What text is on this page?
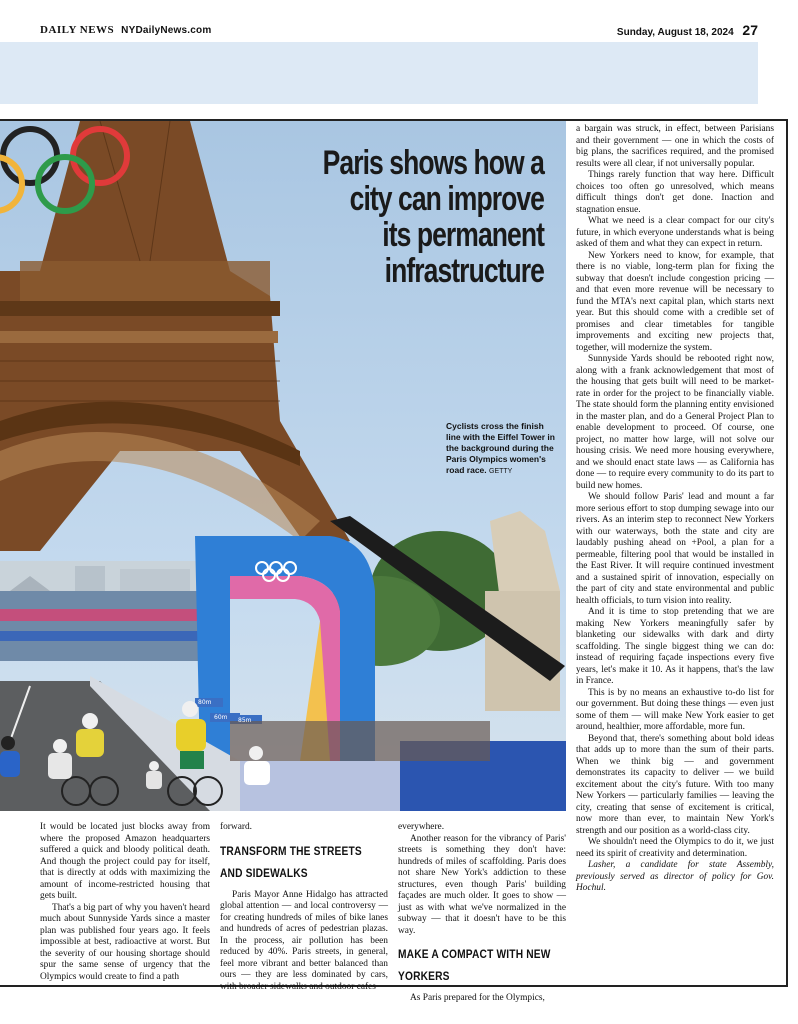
DAILY NEWS NYDailyNews.com	Sunday, August 18, 2024 27
80m
60m 85m
Paris shows how a
city can improve
its permanent
infrastructure
Cyclists cross the finish line with the Eiffel Tower in the background during the Paris Olympics women's road race. GETTY

It would be located just blocks away from where the proposed Amazon headquarters suffered a quick and bloody political death. And though the project could pay for itself, that is directly at odds with maximizing the amount of income-restricted housing that gets built.

That's a big part of why you haven't heard much about Sunnyside Yards since a master plan was published four years ago. It feels impossible at best, radioactive at worst. But the severity of our housing shortage should spur the same sense of urgency that the Olympics would create to find a path

forward.

TRANSFORM THE STREETS AND SIDEWALKS

Paris Mayor Anne Hidalgo has attracted global attention — and local controversy — for creating hundreds of miles of bike lanes and hundreds of acres of pedestrian plazas. In the process, air pollution has been reduced by 40%. Paris streets, in general, feel more vibrant and better balanced than ours — they are less dominated by cars, with broader sidewalks and outdoor cafes

everywhere.

Another reason for the vibrancy of Paris' streets is something they don't have: hundreds of miles of scaffolding. Paris does not share New York's addiction to these structures, even though Paris' building façades are much older. It goes to show — just as with what we've normalized in the subway — that it doesn't have to be this way.

MAKE A COMPACT WITH NEW YORKERS

As Paris prepared for the Olympics,

a bargain was struck, in effect, between Parisians and their government — one in which the costs of big plans, the sacrifices required, and the promised results were all clear, if not universally popular.

Things rarely function that way here. Difficult choices too often go unresolved, which means difficult things don't get done. Inaction and stagnation ensue.

What we need is a clear compact for our city's future, in which everyone understands what is being asked of them and what they can expect in return.

New Yorkers need to know, for example, that there is no viable, long-term plan for fixing the subway that doesn't include congestion pricing — and that even more revenue will be necessary to fund the MTA's next capital plan, which starts next year. But this should come with a credible set of promises and clear timetables for tangible improvements and exciting new projects that, together, will modernize the system.

Sunnyside Yards should be rebooted right now, along with a frank acknowledgement that most of the housing that gets built will need to be market-rate in order for the project to be financially viable. The state should form the planning entity envisioned in the master plan, and do a General Project Plan to enable development to proceed. Of course, one project, no matter how large, will not solve our housing crisis. We need more housing everywhere, and we should enact state laws — as California has done — to require every community to do its part to build new homes.

We should follow Paris' lead and mount a far more serious effort to stop dumping sewage into our rivers. As an interim step to reconnect New Yorkers with our waterways, both the state and city are laudably pushing ahead on +Pool, a plan for a permeable, filtering pool that would be installed in the East River. It will require continued investment and a sustained spirit of innovation, especially on the part of city and state environmental and public health officials, to turn vision into reality.

And it is time to stop pretending that we are making New Yorkers meaningfully safer by blanketing our sidewalks with dark and dirty scaffolding. The single biggest thing we can do: instead of requiring façade inspections every five years, let's make it 10. As it happens, that's the law in France.

This is by no means an exhaustive to-do list for our government. But doing these things — even just some of them — will make New York easier to get around, healthier, more affordable, more fun.

Beyond that, there's something about bold ideas that adds up to more than the sum of their parts. When we think big — and government demonstrates its capacity to deliver — we build excitement about the city's future. With too many New Yorkers — particularly families — leaving the city, creating that sense of excitement is critical, now more than ever, to maintain New York's strength and our position as a world-class city.

We shouldn't need the Olympics to do it, we just need its spirit of creativity and determination.

Lasher, a candidate for state Assembly, previously served as director of policy for Gov. Hochul.
